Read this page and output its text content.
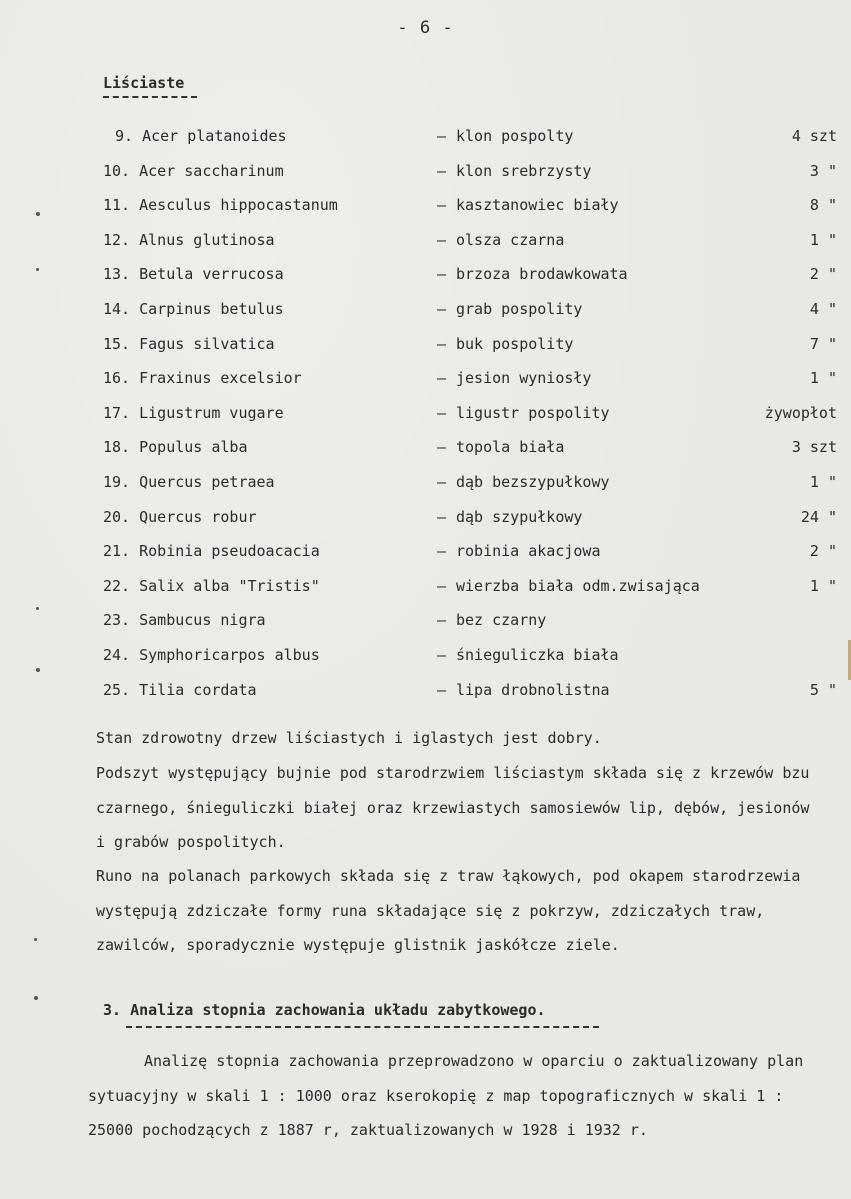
- 6 -
Liściaste
9. Acer platanoides	– klon pospolty	4 szt
10. Acer saccharinum	– klon srebrzysty	3 "
11. Aesculus hippocastanum	– kasztanowiec biały	8 "
12. Alnus glutinosa	– olsza czarna	1 "
13. Betula verrucosa	– brzoza brodawkowata	2 "
14. Carpinus betulus	– grab pospolity	4 "
15. Fagus silvatica	– buk pospolity	7 "
16. Fraxinus excelsior	– jesion wyniosły	1 "
17. Ligustrum vugare	– ligustr pospolity	żywopłot
18. Populus alba	– topola biała	3 szt
19. Quercus petraea	– dąb bezszypułkowy	1 "
20. Quercus robur	– dąb szypułkowy	24 "
21. Robinia pseudoacacia	– robinia akacjowa	2 "
22. Salix alba "Tristis"	– wierzba biała odm.zwisająca	1 "
23. Sambucus nigra	– bez czarny
24. Symphoricarpos albus	– śnieguliczka biała
25. Tilia cordata	– lipa drobnolistna	5 "

Stan zdrowotny drzew liściastych i iglastych jest dobry.

Podszyt występujący bujnie pod starodrzwiem liściastym składa się z krzewów bzu czarnego, śnieguliczki białej oraz krzewiastych samosiewów lip, dębów, jesionów i grabów pospolitych.

Runo na polanach parkowych składa się z traw łąkowych, pod okapem starodrzewia występują zdziczałe formy runa składające się z pokrzyw, zdziczałych traw, zawilców, sporadycznie występuje glistnik jaskółcze ziele.

3. Analiza stopnia zachowania układu zabytkowego.

Analizę stopnia zachowania przeprowadzono w oparciu o zaktualizowany plan sytuacyjny w skali 1 : 1000 oraz kserokopię z map topograficznych w skali 1 : 25000 pochodzących z 1887 r, zaktualizowanych w 1928 i 1932 r.
